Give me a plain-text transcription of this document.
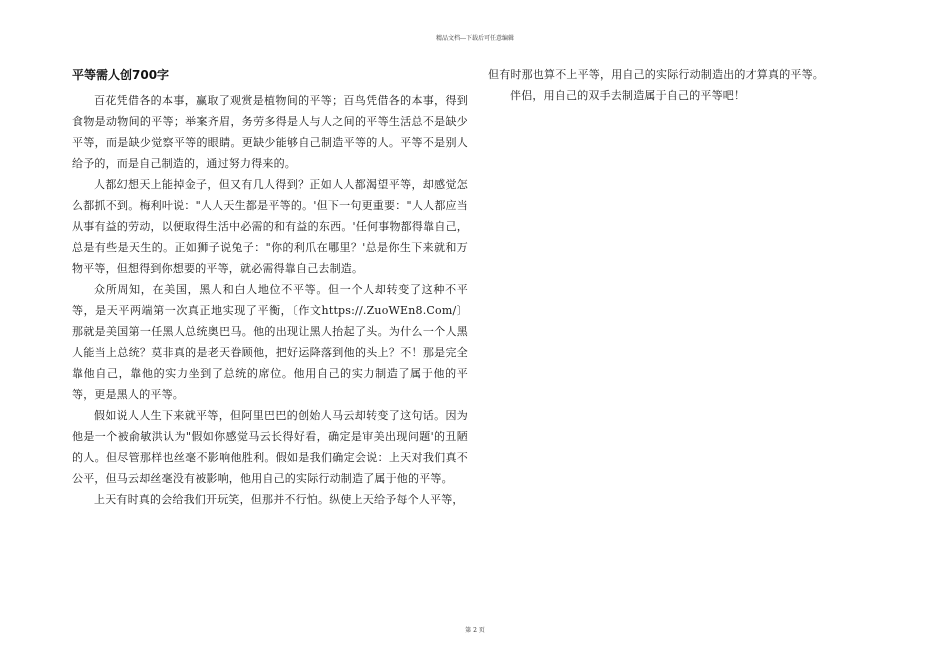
精品文档---下载后可任意编辑
平等需人创700字

百花凭借各的本事，赢取了观赏是植物间的平等；百鸟凭借各的本事，得到食物是动物间的平等；举案齐眉，务劳多得是人与人之间的平等生活总不是缺少平等，而是缺少觉察平等的眼睛。更缺少能够自己制造平等的人。平等不是别人给予的，而是自己制造的，通过努力得来的。

人都幻想天上能掉金子，但又有几人得到？正如人人都渴望平等，却感觉怎么都抓不到。梅利叶说："人人天生都是平等的。'但下一句更重要："人人都应当从事有益的劳动，以便取得生活中必需的和有益的东西。'任何事物都得靠自己，总是有些是天生的。正如狮子说兔子："你的利爪在哪里？'总是你生下来就和万物平等，但想得到你想要的平等，就必需得靠自己去制造。

众所周知，在美国，黑人和白人地位不平等。但一个人却转变了这种不平等，是天平两端第一次真正地实现了平衡，〔作文https://.ZuoWEn8.Com/〕那就是美国第一任黑人总统奥巴马。他的出现让黑人抬起了头。为什么一个人黑人能当上总统？莫非真的是老天眷顾他，把好运降落到他的头上？不！那是完全靠他自己，靠他的实力坐到了总统的席位。他用自己的实力制造了属于他的平等，更是黑人的平等。

假如说人人生下来就平等，但阿里巴巴的创始人马云却转变了这句话。因为他是一个被俞敏洪认为"假如你感觉马云长得好看，确定是审美出现问题'的丑陋的人。但尽管那样也丝毫不影响他胜利。假如是我们确定会说：上天对我们真不公平，但马云却丝毫没有被影响，他用自己的实际行动制造了属于他的平等。

上天有时真的会给我们开玩笑，但那并不行怕。纵使上天给予每个人平等，

但有时那也算不上平等，用自己的实际行动制造出的才算真的平等。

伴侣，用自己的双手去制造属于自己的平等吧！

第 2 页
